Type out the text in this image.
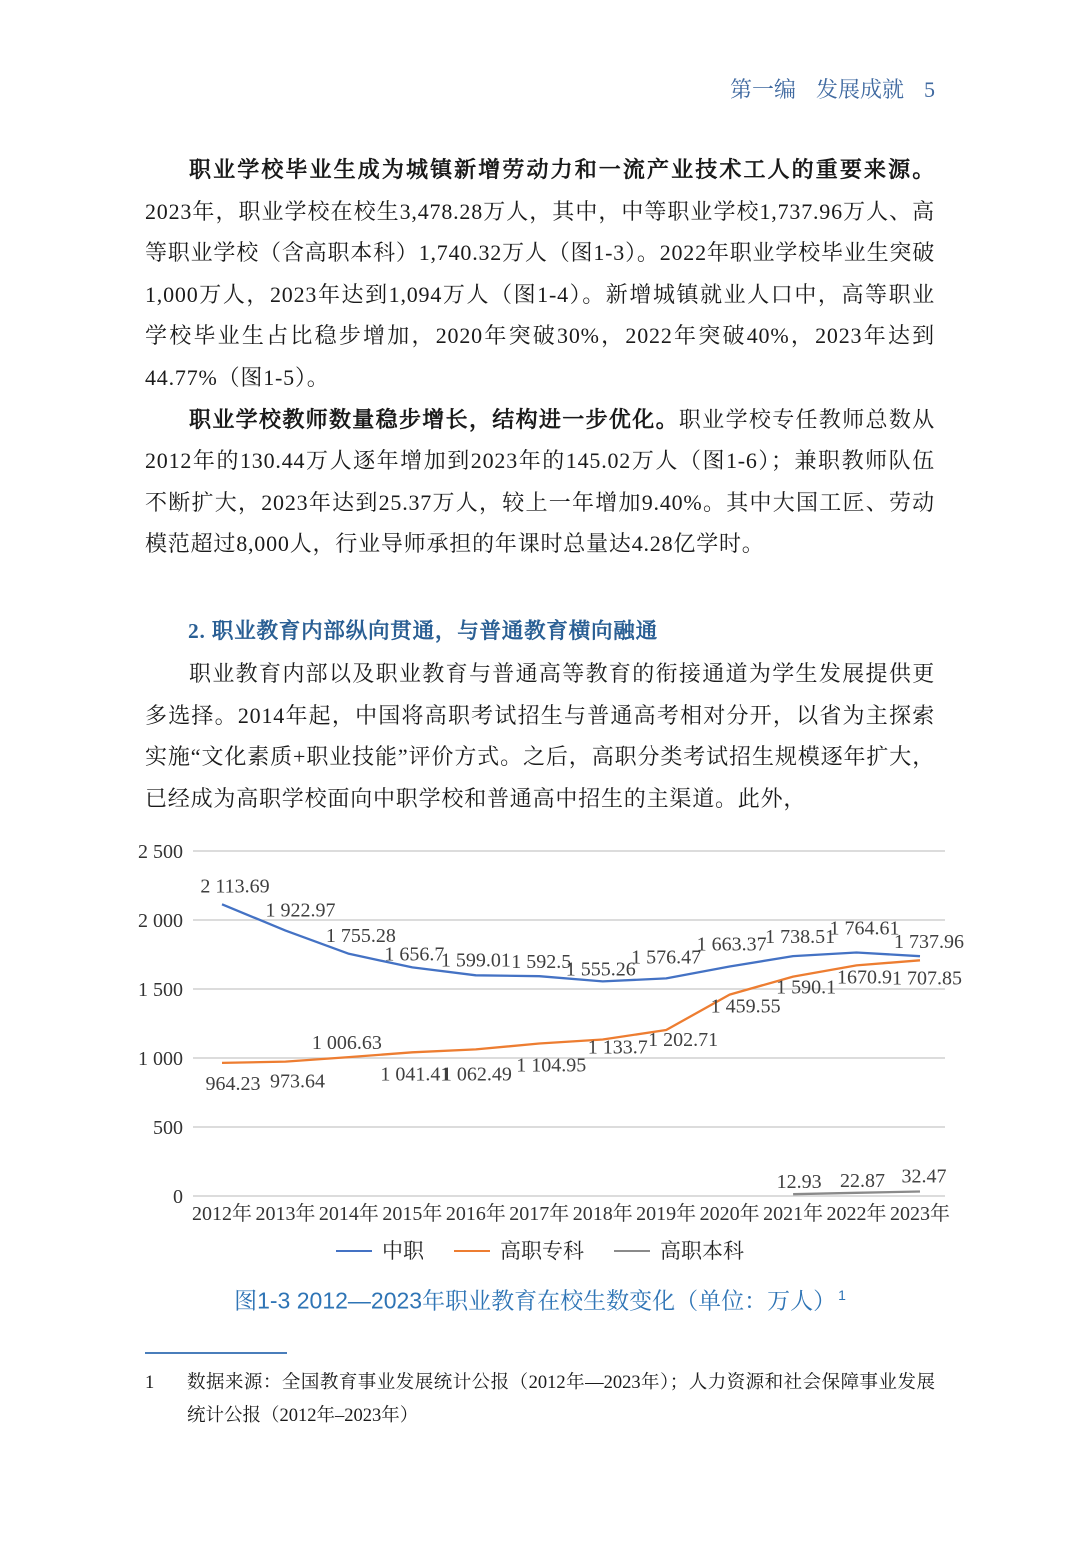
第一编 发展成就 5

职业学校毕业生成为城镇新增劳动力和一流产业技术工人的重要来源。2023年，职业学校在校生3,478.28万人，其中，中等职业学校1,737.96万人、高等职业学校（含高职本科）1,740.32万人（图1-3）。2022年职业学校毕业生突破1,000万人，2023年达到1,094万人（图1-4）。新增城镇就业人口中，高等职业学校毕业生占比稳步增加，2020年突破30%，2022年突破40%，2023年达到44.77%（图1-5）。

职业学校教师数量稳步增长，结构进一步优化。职业学校专任教师总数从2012年的130.44万人逐年增加到2023年的145.02万人（图1-6）；兼职教师队伍不断扩大，2023年达到25.37万人，较上一年增加9.40%。其中大国工匠、劳动模范超过8,000人，行业导师承担的年课时总量达4.28亿学时。

2. 职业教育内部纵向贯通，与普通教育横向融通

职业教育内部以及职业教育与普通高等教育的衔接通道为学生发展提供更多选择。2014年起，中国将高职考试招生与普通高考相对分开，以省为主探索实施“文化素质+职业技能”评价方式。之后，高职分类考试招生规模逐年扩大，已经成为高职学校面向中职学校和普通高中招生的主渠道。此外，

0
500
1 000
1 500
2 000
2 500
2012年 2013年 2014年 2015年 2016年 2017年 2018年 2019年 2020年 2021年 2022年 2023年
2 113.69
1 922.97
1 755.28
1 656.7
1 599.01 1 592.5
1 555.26
1 576.47
1 663.37
1 738.51
1 764.61
1 737.96
964.23 973.64
1 006.63
1 041.41
1 062.49 1 104.95
1 133.7 1 202.71
1 459.55
1 590.1 1670.9 1 707.85
12.93 22.87 32.47
中职	高职专科	高职本科
图1-3 2012—2023年职业教育在校生数变化（单位：万人） $^1$
1	数据来源：全国教育事业发展统计公报（2012年—2023年）；人力资源和社会保障事业发展统计公报（2012年–2023年）
